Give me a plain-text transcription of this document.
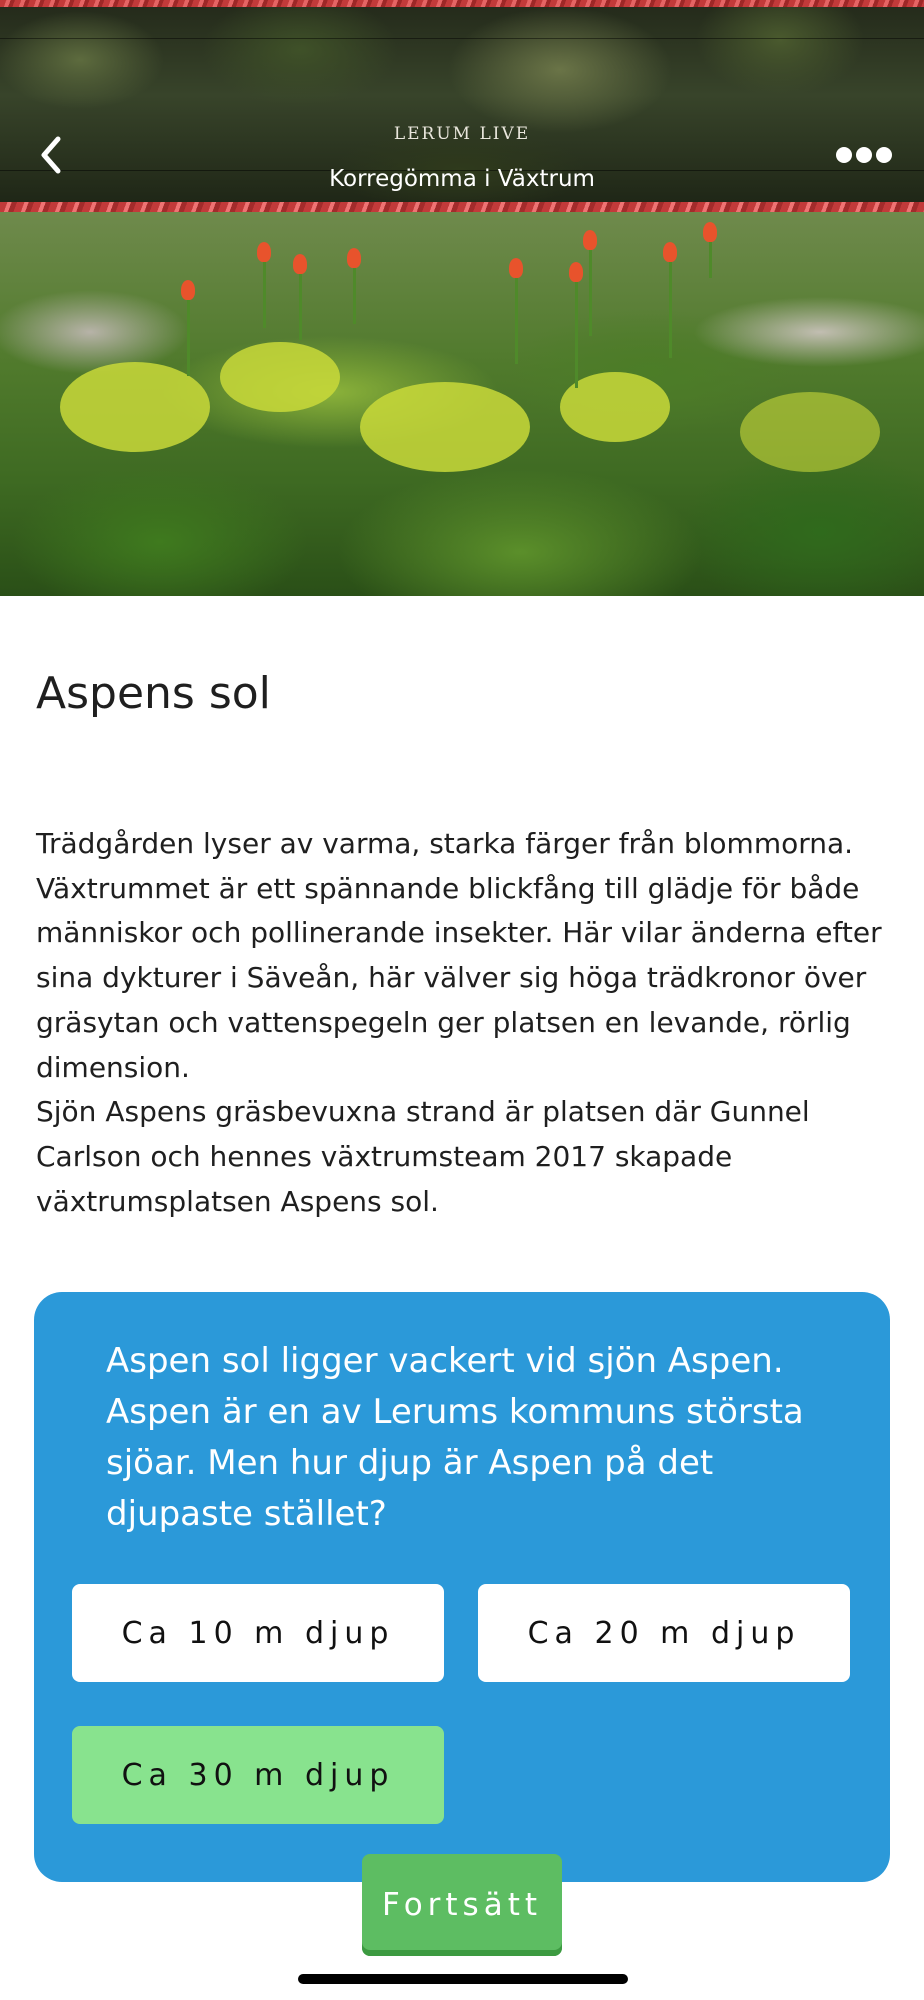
LERUM LIVE
Korregömma i Växtrum
Aspens sol

Trädgården lyser av varma, starka färger från blommorna. Växtrummet är ett spännande blickfång till glädje för både människor och pollinerande insekter. Här vilar änderna efter sina dykturer i Säveån, här välver sig höga trädkronor över gräsytan och vattenspegeln ger platsen en levande, rörlig dimension.

Sjön Aspens gräsbevuxna strand är platsen där Gunnel Carlson och hennes växtrumsteam 2017 skapade växtrumsplatsen Aspens sol.

Aspen sol ligger vackert vid sjön Aspen. Aspen är en av Lerums kommuns största sjöar. Men hur djup är Aspen på det djupaste stället?

Ca 10 m djup	Ca 20 m djup
Ca 30 m djup
Fortsätt
